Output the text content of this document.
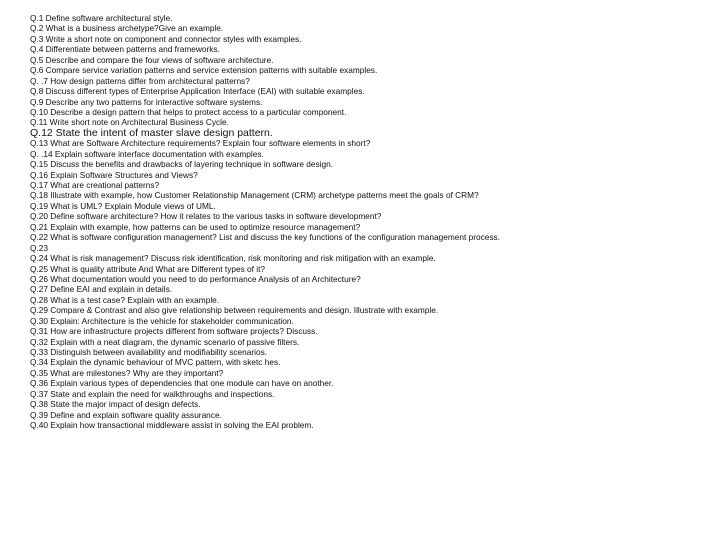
Q.1 Define software architectural style.
Q.2 What is a business archetype?Give an example.
Q.3 Write a short note on component and connector styles with examples.
Q.4 Differentiate between patterns and frameworks.
Q.5 Describe and compare the four views of software architecture.
Q.6 Compare service variation patterns and service extension patterns with suitable examples.
Q. .7 How design patterns differ from architectural patterns?
Q.8 Discuss different types of Enterprise Application Interface (EAI) with suitable examples.
Q.9 Describe any two patterns for interactive software systems.
Q.10 Describe a design pattern that helps to protect access to a particular component.
Q.11 Write short note on Architectural Business Cycle.
Q.12 State the intent of master slave design pattern.
Q.13 What are Software Architecture requirements? Explain four software elements in short?
Q. .14 Explain software interface documentation with examples.
Q.15 Discuss the benefits and drawbacks of layering technique in software design.
Q.16 Explain Software Structures and Views?
Q.17 What are creational patterns?
Q.18 Illustrate with example, how Customer Relationship Management (CRM) archetype patterns meet the goals of CRM?
Q.19 What is UML? Explain Module views of UML.
Q.20 Define software architecture? How it relates to the various tasks in software development?
Q.21 Explain with example, how patterns can be used to optimize resource management?
Q.22 What is software configuration management? List and discuss the key functions of the configuration management process.
Q.23
Q.24 What is risk management? Discuss risk identification, risk monitoring and risk mitigation with an example.
Q.25 What is quality attribute And What are Different types of it?
Q.26 What documentation would you need to do performance Analysis of an Architecture?
Q.27 Define EAI and explain in details.
Q.28 What is a test case? Explain with an example.
Q.29 Compare & Contrast and also give relationship between requirements and design. Illustrate with example.
Q.30 Explain: Architecture is the vehicle for stakeholder communication.
Q.31 How are infrastructure projects different from software projects? Discuss.
Q.32 Explain with a neat diagram, the dynamic scenario of passive filters.
Q.33 Distinguish between availability and modifiability scenarios.
Q.34 Explain the dynamic behaviour of MVC pattern, with sketc hes.
Q.35 What are milestones? Why are they important?
Q.36 Explain various types of dependencies that one module can have on another.
Q.37 State and explain the need for walkthroughs and inspections.
Q.38 State the major impact of design defects.
Q.39 Define and explain software quality assurance.
Q.40 Explain how transactional middleware assist in solving the EAI problem.
